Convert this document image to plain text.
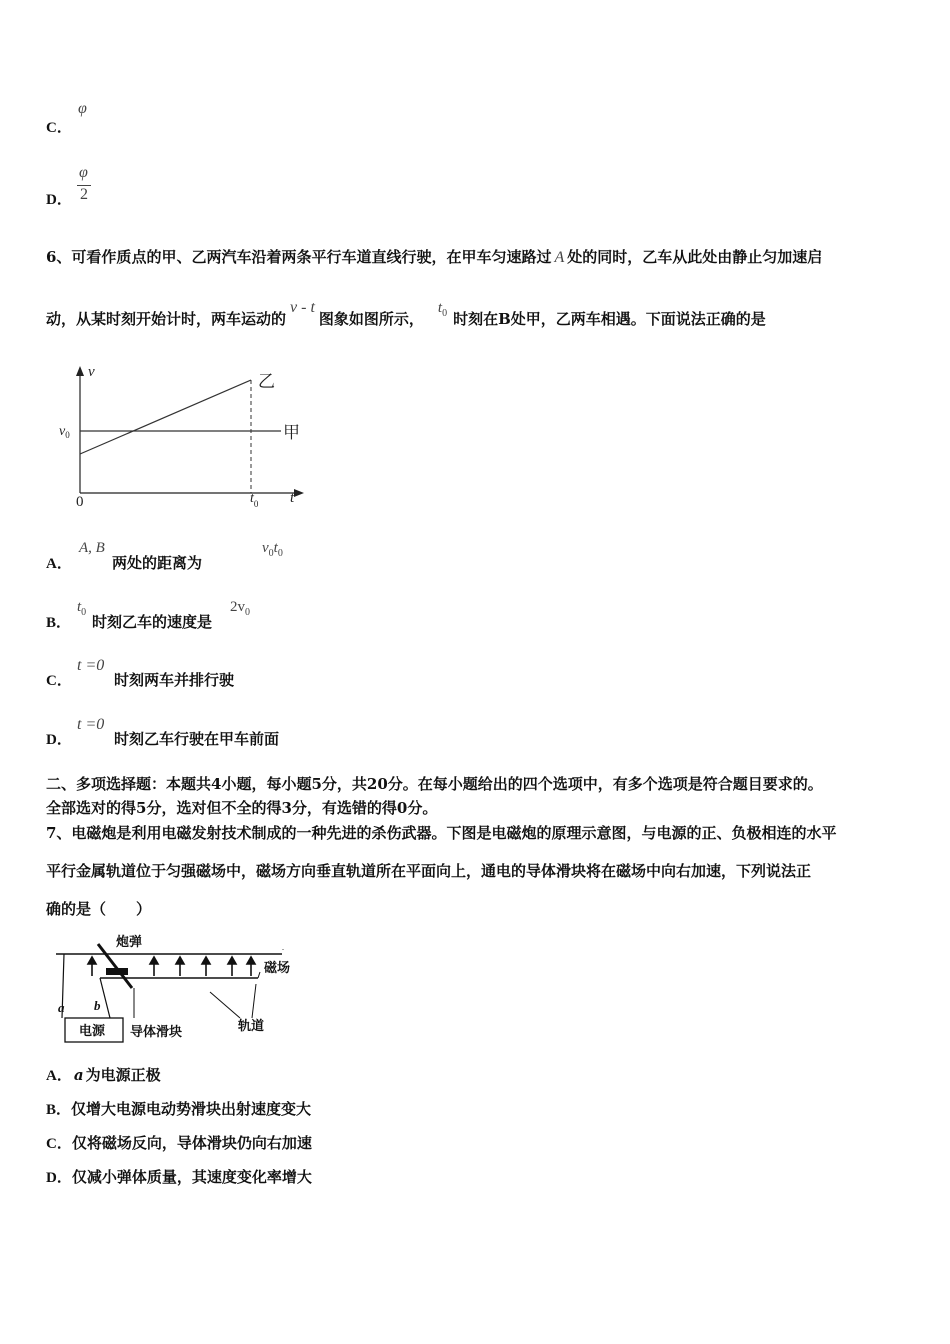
C．
φ
D．
φ
2
6、可看作质点的甲、乙两汽车沿着两条平行车道直线行驶，在甲车匀速路过 A 处的同时，乙车从此处由静止匀加速启
动，从某时刻开始计时，两车运动的v - t图象如图所示，$t_0$ 时刻在B处甲，乙两车相遇。下面说法正确的是
v
t
0
$v_0$
$t_0$
乙
甲
A．
A, B
两处的距离为
$v_0t_0$
B．
$t_0$
时刻乙车的速度是
$2v_0$
C．
t =0
时刻两车并排行驶
D．
t =0
时刻乙车行驶在甲车前面
二、多项选择题：本题共4小题，每小题5分，共20分。在每小题给出的四个选项中，有多个选项是符合题目要求的。
全部选对的得5分，选对但不全的得3分，有选错的得0分。
7、电磁炮是利用电磁发射技术制成的一种先进的杀伤武器。下图是电磁炮的原理示意图，与电源的正、负极相连的水平
平行金属轨道位于匀强磁场中，磁场方向垂直轨道所在平面向上，通电的导体滑块将在磁场中向右加速，下列说法正
确的是（　　）
.
电源
a b
炮弹
磁场
导体滑块	轨道
A． a 为电源正极
B．仅增大电源电动势滑块出射速度变大
C．仅将磁场反向，导体滑块仍向右加速
D．仅减小弹体质量，其速度变化率增大
